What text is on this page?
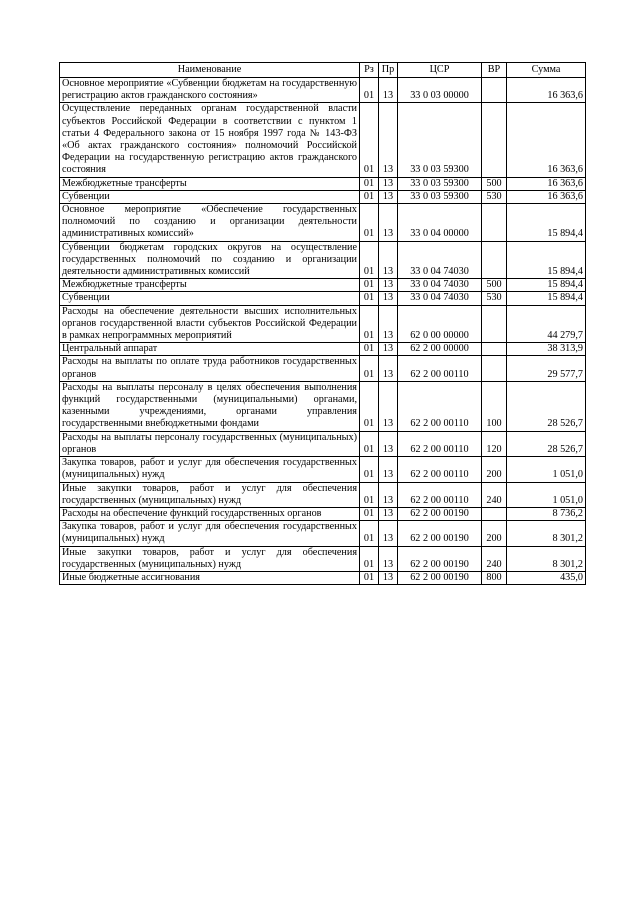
Наименование	Рз	Пр	ЦСР	ВР	Сумма
Основное мероприятие «Субвенции бюджетам на государственную регистрацию актов гражданского состояния»	01	13	33 0 03 00000		16 363,6
Осуществление переданных органам государственной власти субъектов Российской Федерации в соответствии с пунктом 1 статьи 4 Федерального закона от 15 ноября 1997 года № 143-ФЗ «Об актах гражданского состояния» полномочий Российской Федерации на государственную регистрацию актов гражданского состояния	01	13	33 0 03 59300		16 363,6
Межбюджетные трансферты	01	13	33 0 03 59300	500	16 363,6
Субвенции	01	13	33 0 03 59300	530	16 363,6
Основное мероприятие «Обеспечение государственных полномочий по созданию и организации деятельности административных комиссий»	01	13	33 0 04 00000		15 894,4
Субвенции бюджетам городских округов на осуществление государственных полномочий по созданию и организации деятельности административных комиссий	01	13	33 0 04 74030		15 894,4
Межбюджетные трансферты	01	13	33 0 04 74030	500	15 894,4
Субвенции	01	13	33 0 04 74030	530	15 894,4
Расходы на обеспечение деятельности высших исполнительных органов государственной власти субъектов Российской Федерации в рамках непрограммных мероприятий	01	13	62 0 00 00000		44 279,7
Центральный аппарат	01	13	62 2 00 00000		38 313,9
Расходы на выплаты по оплате труда работников государственных органов	01	13	62 2 00 00110		29 577,7
Расходы на выплаты персоналу в целях обеспечения выполнения функций государственными (муниципальными) органами, казенными учреждениями, органами управления государственными внебюджетными фондами	01	13	62 2 00 00110	100	28 526,7
Расходы на выплаты персоналу государственных (муниципальных) органов	01	13	62 2 00 00110	120	28 526,7
Закупка товаров, работ и услуг для обеспечения государственных (муниципальных) нужд	01	13	62 2 00 00110	200	1 051,0
Иные закупки товаров, работ и услуг для обеспечения государственных (муниципальных) нужд	01	13	62 2 00 00110	240	1 051,0
Расходы на обеспечение функций государственных органов	01	13	62 2 00 00190		8 736,2
Закупка товаров, работ и услуг для обеспечения государственных (муниципальных) нужд	01	13	62 2 00 00190	200	8 301,2
Иные закупки товаров, работ и услуг для обеспечения государственных (муниципальных) нужд	01	13	62 2 00 00190	240	8 301,2
Иные бюджетные ассигнования	01	13	62 2 00 00190	800	435,0
